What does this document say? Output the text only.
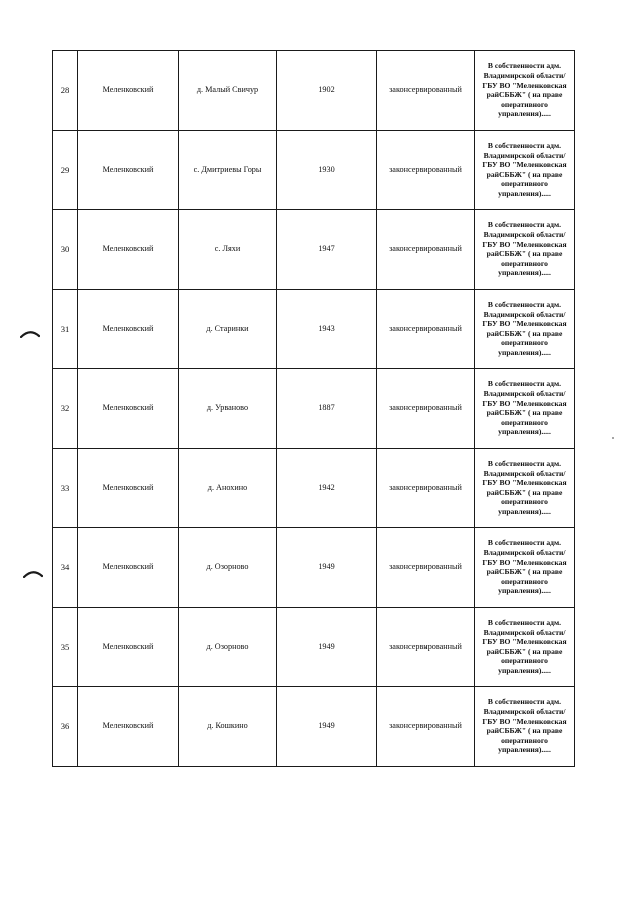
28	Меленковский	д. Малый Свичур	1902	законсервированный	В собственности адм. Владимирской области/ГБУ ВО "Меленковская райСББЖ" ( на праве оперативного управления).....
29	Меленковский	с. Дмитриевы Горы	1930	законсервированный	В собственности адм. Владимирской области/ГБУ ВО "Меленковская райСББЖ" ( на праве оперативного управления).....
30	Меленковский	с. Ляхи	1947	законсервированный	В собственности адм. Владимирской области/ГБУ ВО "Меленковская райСББЖ" ( на праве оперативного управления).....
31	Меленковский	д. Старинки	1943	законсервированный	В собственности адм. Владимирской области/ГБУ ВО "Меленковская райСББЖ" ( на праве оперативного управления).....
32	Меленковский	д. Урваново	1887	законсервированный	В собственности адм. Владимирской области/ГБУ ВО "Меленковская райСББЖ" ( на праве оперативного управления).....
33	Меленковский	д. Анохино	1942	законсервированный	В собственности адм. Владимирской области/ГБУ ВО "Меленковская райСББЖ" ( на праве оперативного управления).....
34	Меленковский	д. Озорново	1949	законсервированный	В собственности адм. Владимирской области/ГБУ ВО "Меленковская райСББЖ" ( на праве оперативного управления).....
35	Меленковский	д. Озорново	1949	законсервированный	В собственности адм. Владимирской области/ГБУ ВО "Меленковская райСББЖ" ( на праве оперативного управления).....
36	Меленковский	д. Кошкино	1949	законсервированный	В собственности адм. Владимирской области/ГБУ ВО "Меленковская райСББЖ" ( на праве оперативного управления).....
